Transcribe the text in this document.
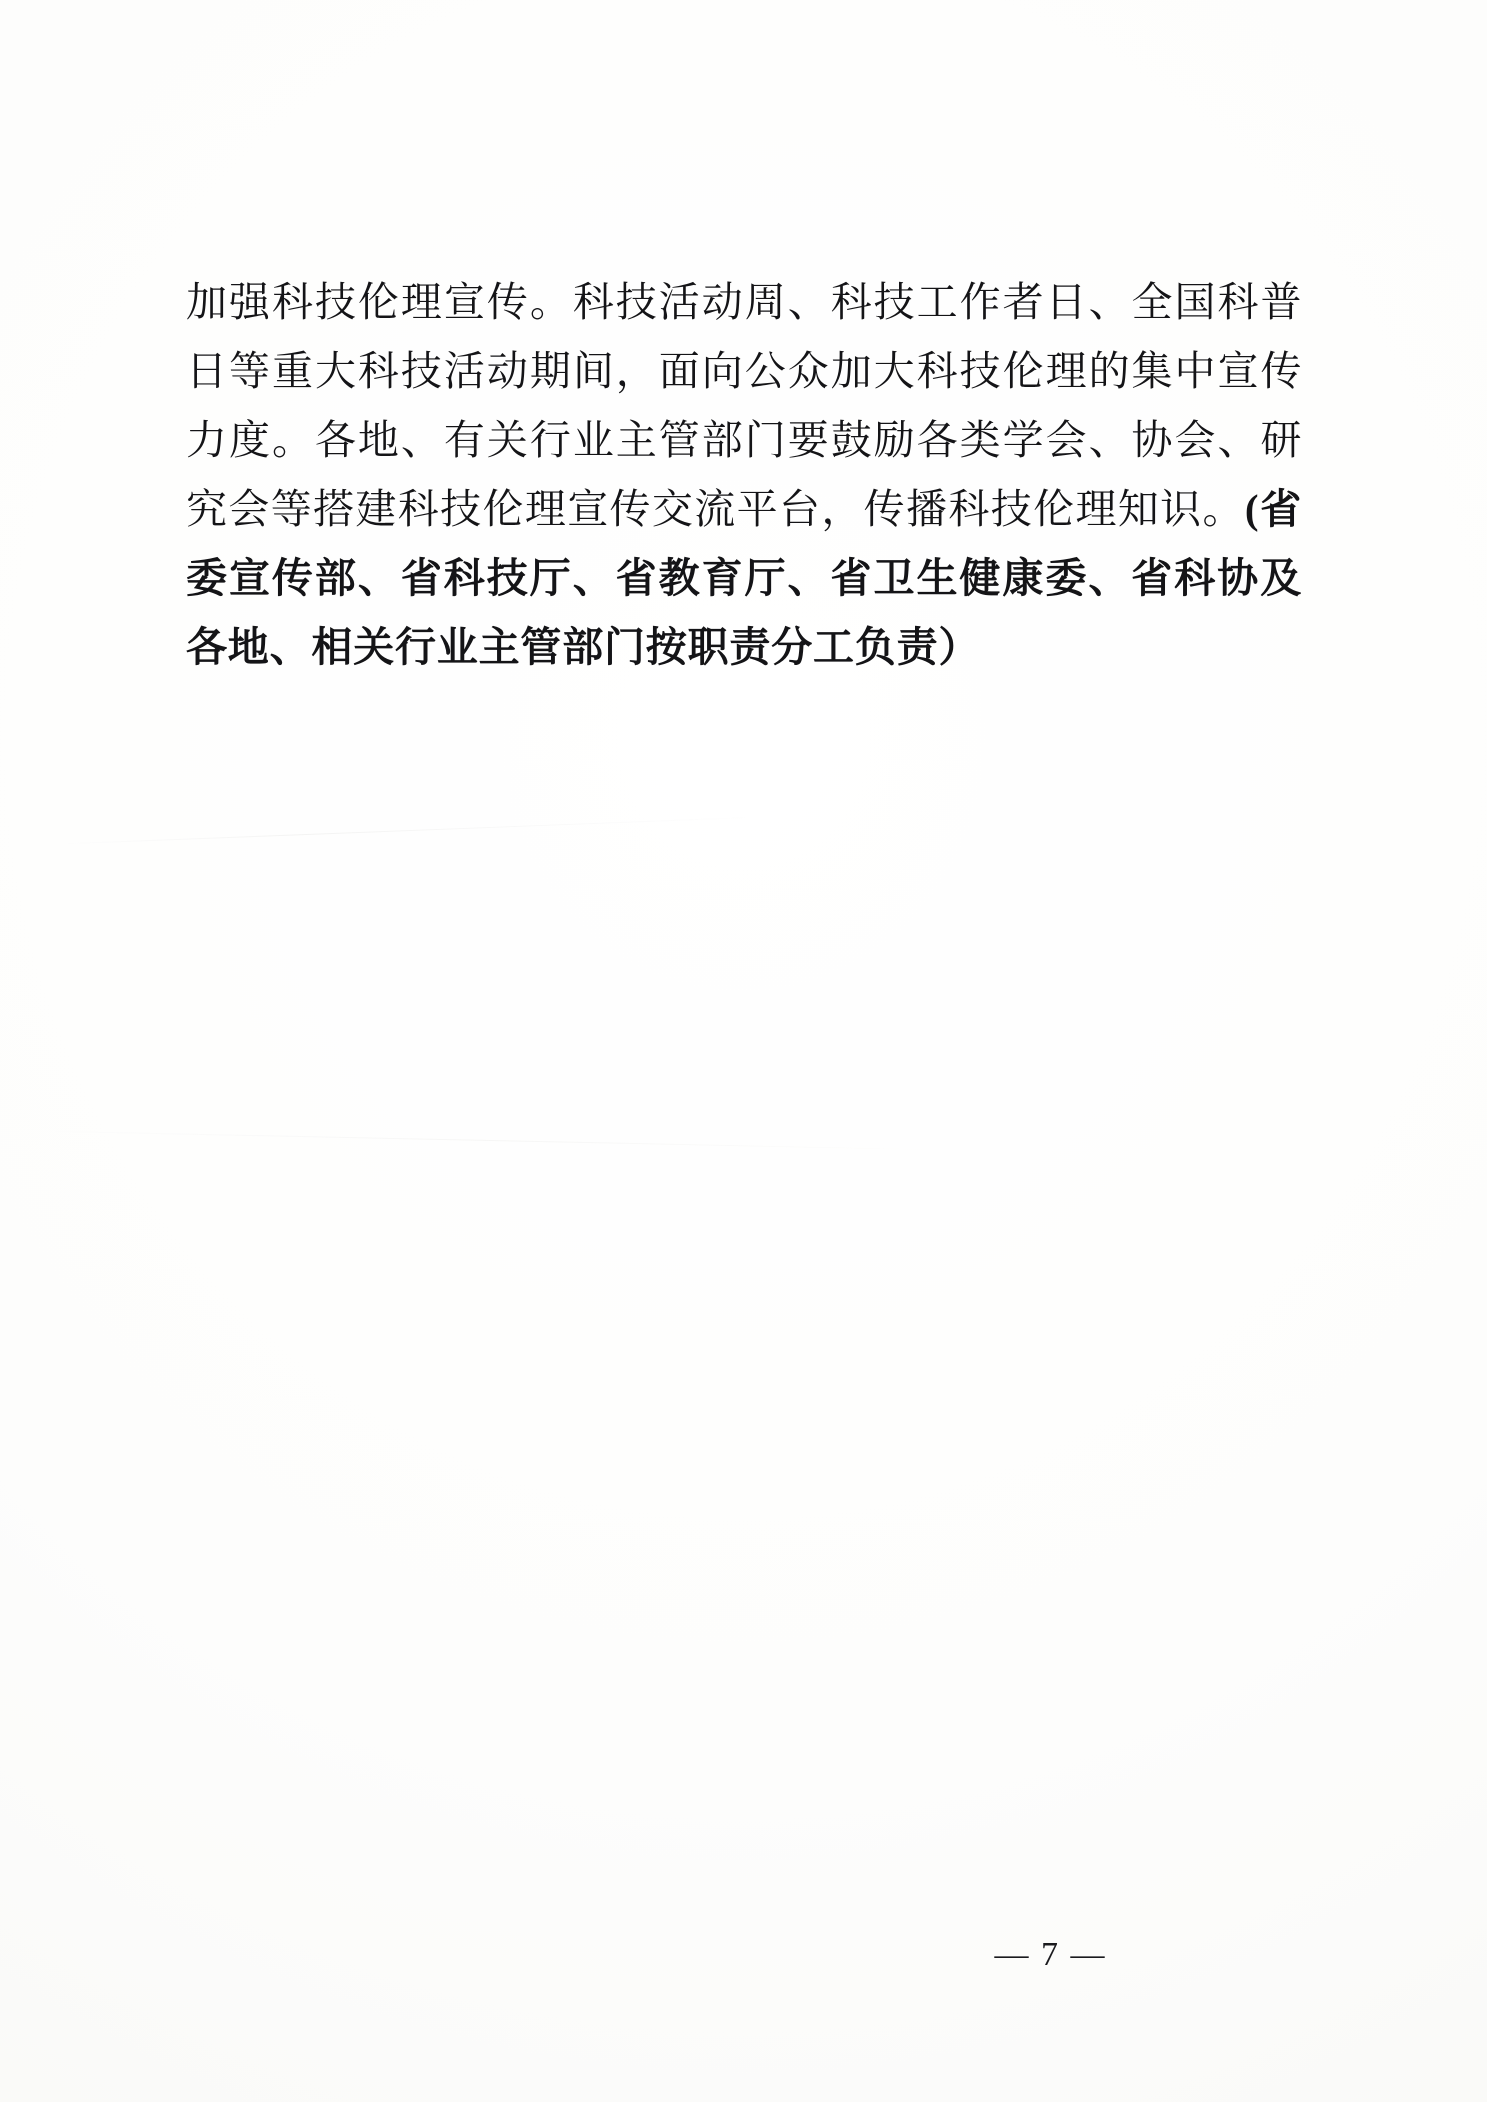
加强科技伦理宣传。科技活动周、科技工作者日、全国科普日等重大科技活动期间，面向公众加大科技伦理的集中宣传力度。各地、有关行业主管部门要鼓励各类学会、协会、研究会等搭建科技伦理宣传交流平台，传播科技伦理知识。(省委宣传部、省科技厅、省教育厅、省卫生健康委、省科协及各地、相关行业主管部门按职责分工负责）

— 7 —
